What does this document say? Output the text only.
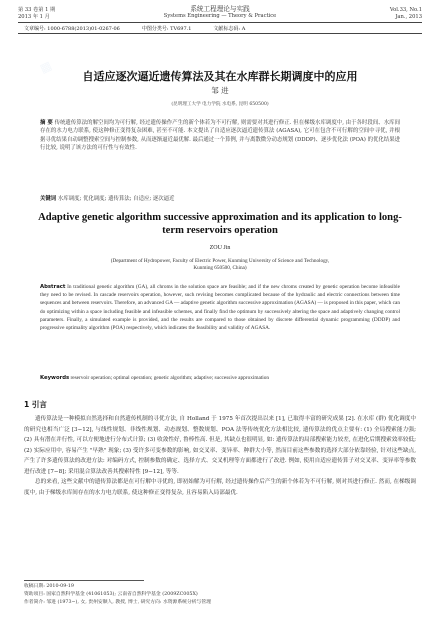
▦
第 33 卷第 1 期
2013 年 1 月
系统工程理论与实践
Systems Engineering — Theory & Practice
Vol.33, No.1
Jan., 2013
文章编号: 1000-6788(2013)01-0267-06	中图分类号: TV697.1	文献标志码: A
自适应逐次逼近遗传算法及其在水库群长期调度中的应用
邹 进
(昆明理工大学 电力学院 水电系, 昆明 650500)
摘 要 传统遗传算法的解空间均为可行解, 经过遗传操作产生的新个体若为不可行解, 则需要对其进行修正. 但在梯级水库调度中, 由于各时段间、水库间存在的水力电力联系, 使这种修正变得复杂困难, 甚至不可能. 本文提出了自适应逐次逼近遗传算法 (AGASA), 它可在包含不可行解的空间中寻优, 并根据寻优结果自动调整搜索空间与控制参数, 从而逐渐逼近最优解. 最后通过一个算例, 并与离散微分动态规划 (DDDP)、逐步优化法 (POA) 的优化结果进行比较, 说明了该方法的可行性与有效性.
关键词 水库调度; 优化调度; 遗传算法; 自适应; 逐次逼近
Adaptive genetic algorithm successive approximation and its application to long-term reservoirs operation
ZOU Jin
(Department of Hydropower, Faculty of Electric Power, Kunming University of Science and Technology, Kunming 650500, China)
Abstract In traditional genetic algorithm (GA), all chroms in the solution space are feasible; and if the new chroms created by genetic operation become infeasible they need to be revised. In cascade reservoirs operation, however, such revising becomes complicated because of the hydraulic and electric connections between time sequences and between reservoirs. Therefore, an advanced GA — adaptive genetic algorithm successive approximation (AGASA) — is proposed in this paper, which can do optimizing within a space including feasible and infeasible schemes, and finally find the optimum by successively altering the space and adaptively changing control parameters. Finally, a simulated example is provided, and the results are compared to those obtained by discrete differential dynamic programming (DDDP) and progressive optimality algorithm (POA) respectively, which indicates the feasibility and validity of AGASA.
Keywords reservoir operation; optimal operation; genetic algorithm; adaptive; successive approximation
1 引言
遗传算法是一种模拟自然选择和自然遗传机制的寻优方法, 自 Holland 于 1975 年首次提出以来 [1], 已取得丰富的研究成果 [2]. 在水库 (群) 优化调度中的研究也相当广泛 [3−12], 与线性规划、非线性规划、动态规划、整数规划、POA 法等传统优化方法相比较, 遗传算法的优点主要有: (1) 全局搜索能力强; (2) 具有潜在并行性, 可以方便地进行分布式计算; (3) 收敛性好, 鲁棒性高. 但是, 其缺点也很明显, 如: 遗传算法的局部搜索能力较差, 在进化后期搜索效率较低; (2) 实际应用中, 容易产生 "早熟" 现象; (3) 受许多可变参数的影响, 如交叉率、变异率、种群大小等, 然而目前这些参数的选择大部分依靠经验, 针对这些缺点, 产生了许多遗传算法的改进方法: 对编码方式, 控制参数的确定、选择方式、交叉机理等方面都进行了改进. 例如, 使用自适应遗传算子对交叉率、变异率等参数进行改进 [7−8]; 采用混合算法改善其搜索特性 [9−12], 等等.
总的来看, 这些文献中的遗传算法都是在可行解中寻优的, 即初始解为可行解, 经过遗传操作后产生的新个体若为不可行解, 则对其进行修正. 然而, 在梯级调度中, 由于梯级水库间存在的水力电力联系, 使这种修正变得复杂, 且容易陷入局部最优.
收稿日期: 2010-09-19
资助项目: 国家自然科学基金 (41061053); 云南省自然科学基金 (2009ZC005X)
作者简介: 邹进 (1973−), 女, 贵州安顺人, 教授, 博士, 研究方向: 水资源系统分析与管理
